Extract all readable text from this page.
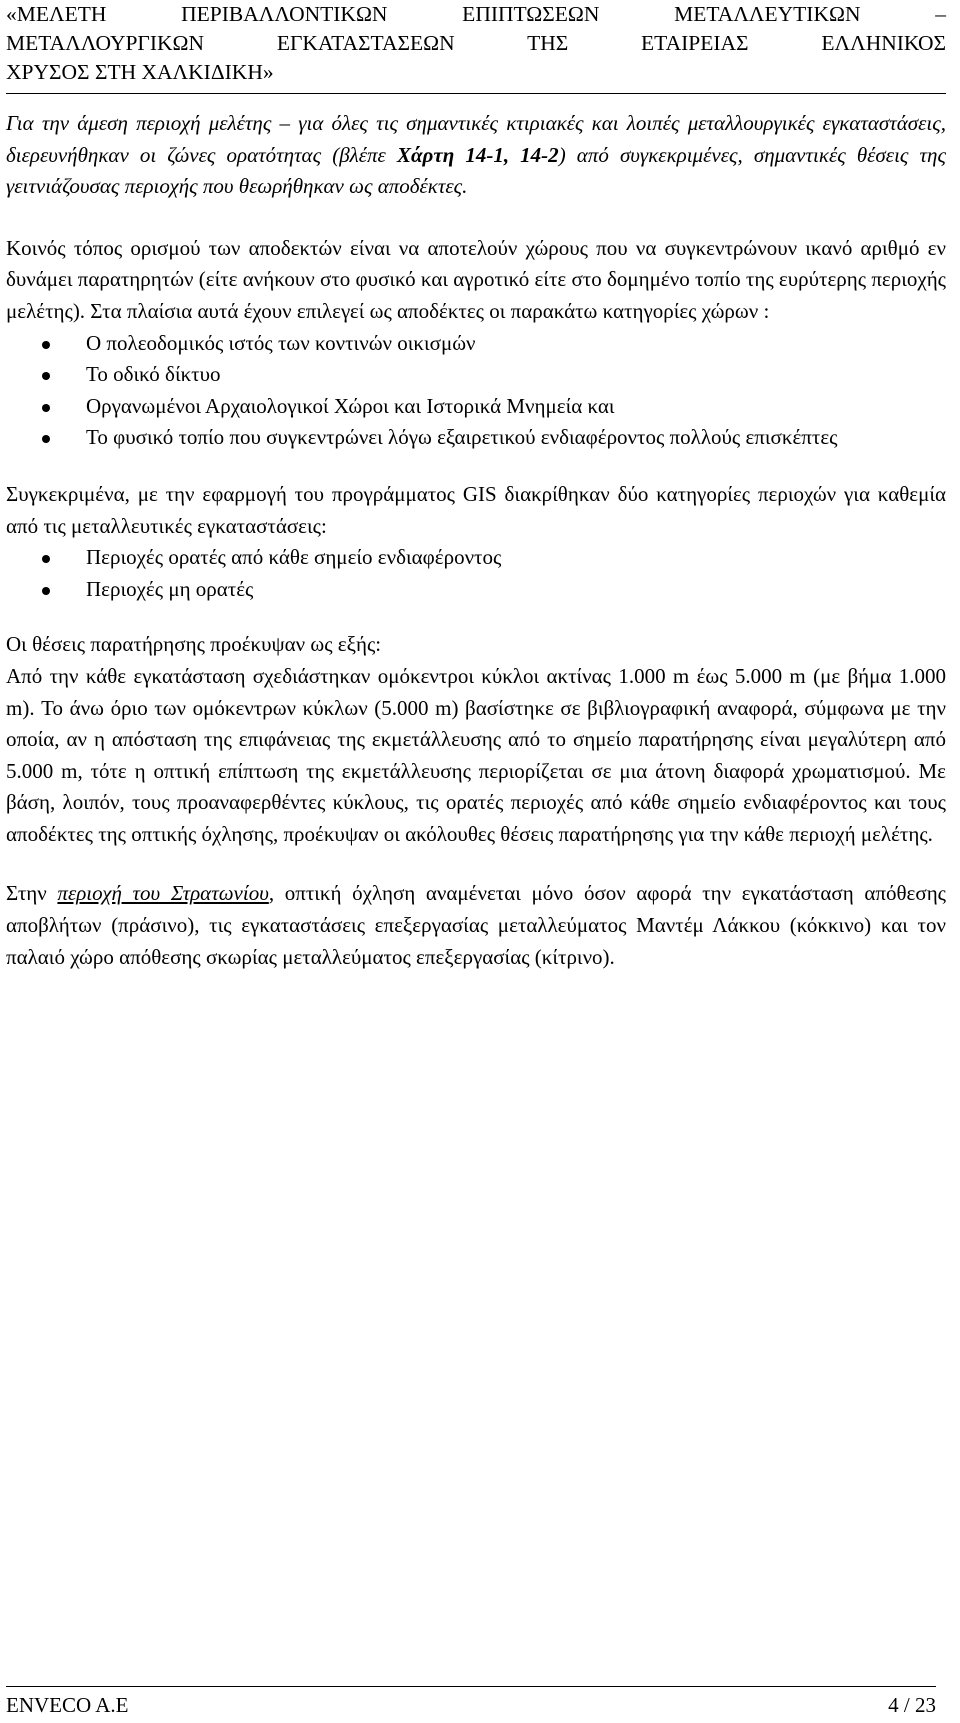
«ΜΕΛΕΤΗ ΠΕΡΙΒΑΛΛΟΝΤΙΚΩΝ ΕΠΙΠΤΩΣΕΩΝ ΜΕΤΑΛΛΕΥΤΙΚΩΝ –
ΜΕΤΑΛΛΟΥΡΓΙΚΩΝ ΕΓΚΑΤΑΣΤΑΣΕΩΝ ΤΗΣ ΕΤΑΙΡΕΙΑΣ ΕΛΛΗΝΙΚΟΣ
ΧΡΥΣΟΣ ΣΤΗ ΧΑΛΚΙΔΙΚΗ»

Για την άμεση περιοχή μελέτης – για όλες τις σημαντικές κτιριακές και λοιπές μεταλλουργικές εγκαταστάσεις, διερευνήθηκαν οι ζώνες ορατότητας (βλέπε Χάρτη 14-1, 14-2) από συγκεκριμένες, σημαντικές θέσεις της γειτνιάζουσας περιοχής που θεωρήθηκαν ως αποδέκτες.

Κοινός τόπος ορισμού των αποδεκτών είναι να αποτελούν χώρους που να συγκεντρώνουν ικανό αριθμό εν δυνάμει παρατηρητών (είτε ανήκουν στο φυσικό και αγροτικό είτε στο δομημένο τοπίο της ευρύτερης περιοχής μελέτης). Στα πλαίσια αυτά έχουν επιλεγεί ως αποδέκτες οι παρακάτω κατηγορίες χώρων :

Ο πολεοδομικός ιστός των κοντινών οικισμών
Το οδικό δίκτυο
Οργανωμένοι Αρχαιολογικοί Χώροι και Ιστορικά Μνημεία και
Το φυσικό τοπίο που συγκεντρώνει λόγω εξαιρετικού ενδιαφέροντος πολλούς επισκέπτες

Συγκεκριμένα, με την εφαρμογή του προγράμματος GIS διακρίθηκαν δύο κατηγορίες περιοχών για καθεμία από τις μεταλλευτικές εγκαταστάσεις:

Περιοχές ορατές από κάθε σημείο ενδιαφέροντος
Περιοχές μη ορατές

Οι θέσεις παρατήρησης προέκυψαν ως εξής:

Από την κάθε εγκατάσταση σχεδιάστηκαν ομόκεντροι κύκλοι ακτίνας 1.000 m έως 5.000 m (με βήμα 1.000 m). Το άνω όριο των ομόκεντρων κύκλων (5.000 m) βασίστηκε σε βιβλιογραφική αναφορά, σύμφωνα με την οποία, αν η απόσταση της επιφάνειας της εκμετάλλευσης από το σημείο παρατήρησης είναι μεγαλύτερη από 5.000 m, τότε η οπτική επίπτωση της εκμετάλλευσης περιορίζεται σε μια άτονη διαφορά χρωματισμού. Με βάση, λοιπόν, τους προαναφερθέντες κύκλους, τις ορατές περιοχές από κάθε σημείο ενδιαφέροντος και τους αποδέκτες της οπτικής όχλησης, προέκυψαν οι ακόλουθες θέσεις παρατήρησης για την κάθε περιοχή μελέτης.

Στην περιοχή του Στρατωνίου, οπτική όχληση αναμένεται μόνο όσον αφορά την εγκατάσταση απόθεσης αποβλήτων (πράσινο), τις εγκαταστάσεις επεξεργασίας μεταλλεύματος Μαντέμ Λάκκου (κόκκινο) και τον παλαιό χώρο απόθεσης σκωρίας μεταλλεύματος επεξεργασίας (κίτρινο).

ENVECO A.E	4 / 23
